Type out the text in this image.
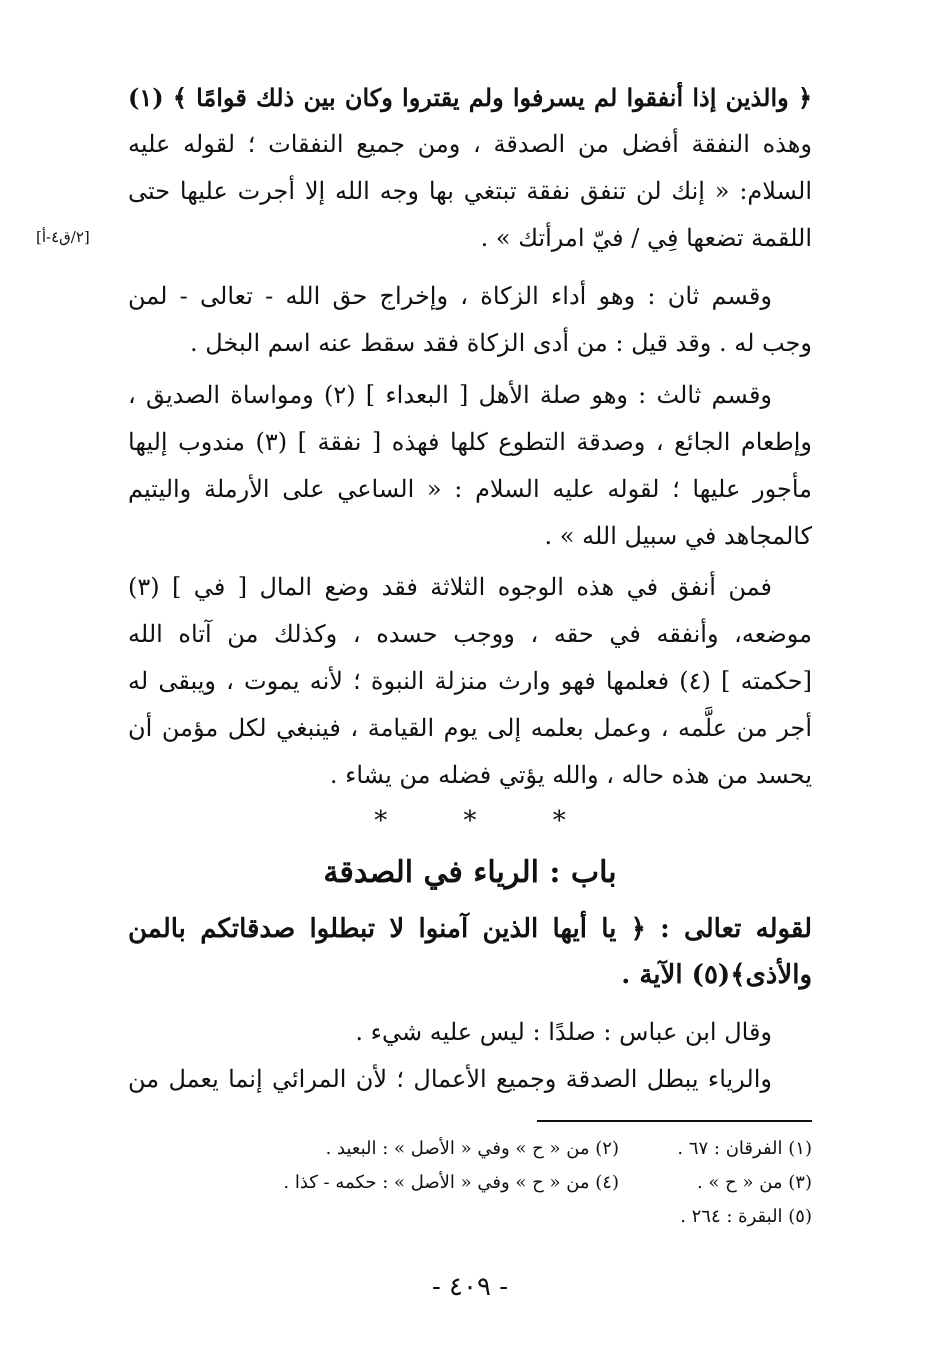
﴿ والذين إذا أنفقوا لم يسرفوا ولم يقتروا وكان بين ذلك قوامًا ﴾ (١)
وهذه النفقة أفضل من الصدقة ، ومن جميع النفقات ؛ لقوله عليه
السلام: « إنك لن تنفق نفقة تبتغي بها وجه الله إلا أجرت عليها حتى
اللقمة تضعها فِي / فيّ امرأتك » .
[٢/ق٤-أ]
وقسم ثان : وهو أداء الزكاة ، وإخراج حق الله - تعالى - لمن
وجب له . وقد قيل : من أدى الزكاة فقد سقط عنه اسم البخل .
وقسم ثالث : وهو صلة الأهل [ البعداء ] (٢) ومواساة الصديق ،
وإطعام الجائع ، وصدقة التطوع كلها فهذه [ نفقة ] (٣) مندوب إليها
مأجور عليها ؛ لقوله عليه السلام : « الساعي على الأرملة واليتيم
كالمجاهد في سبيل الله » .
فمن أنفق في هذه الوجوه الثلاثة فقد وضع المال [ في ] (٣)
موضعه، وأنفقه في حقه ، ووجب حسده ، وكذلك من آتاه الله
[حكمته ] (٤) فعلمها فهو وارث منزلة النبوة ؛ لأنه يموت ، ويبقى له
أجر من علَّمه ، وعمل بعلمه إلى يوم القيامة ، فينبغي لكل مؤمن أن
يحسد من هذه حاله ، والله يؤتي فضله من يشاء .
* * *
باب : الرياء في الصدقة
لقوله تعالى : ﴿ يا أيها الذين آمنوا لا تبطلوا صدقاتكم بالمن
والأذى﴾(٥) الآية .
وقال ابن عباس : صلدًا : ليس عليه شيء .
والرياء يبطل الصدقة وجميع الأعمال ؛ لأن المرائي إنما يعمل من
(١) الفرقان : ٦٧ .
(٢) من « ح » وفي « الأصل » : البعيد .
(٣) من « ح » .
(٤) من « ح » وفي « الأصل » : حكمه - كذا .
(٥) البقرة : ٢٦٤ .
- ٤٠٩ -
